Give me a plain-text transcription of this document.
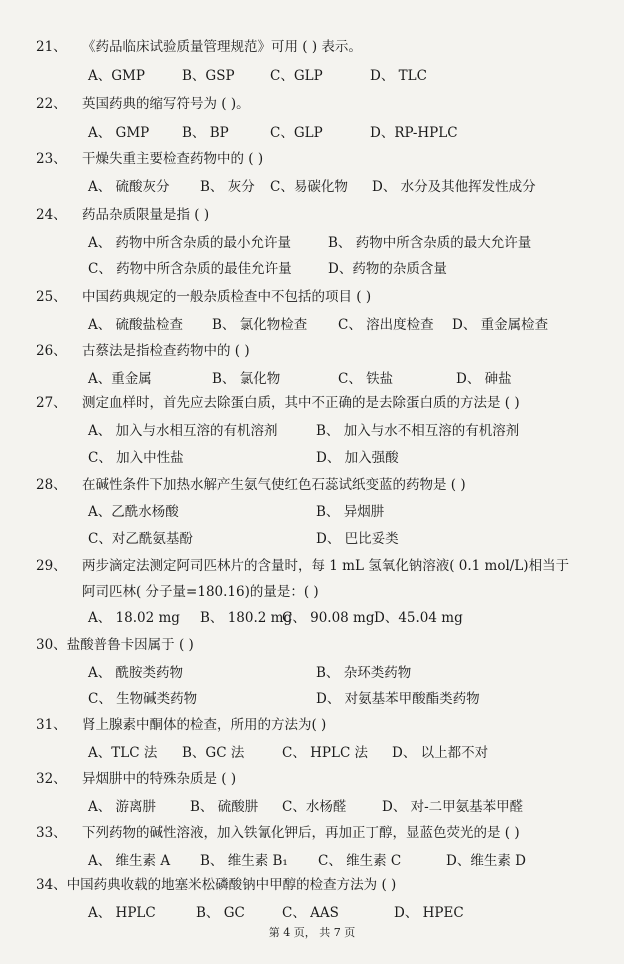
21、 《药品临床试验质量管理规范》可用 ( ) 表示。
A、GMP	B、GSP	C、GLP	D、 TLC
22、 英国药典的缩写符号为 ( )。
A、 GMP B、 BP	C、GLP	D、RP-HPLC
23、 干燥失重主要检查药物中的 ( )
A、 硫酸灰分 B、 灰分 C、易碳化物 D、 水分及其他挥发性成分
24、 药品杂质限量是指 ( )
A、 药物中所含杂质的最小允许量	B、 药物中所含杂质的最大允许量
C、 药物中所含杂质的最佳允许量	D、药物的杂质含量
25、 中国药典规定的一般杂质检查中不包括的项目 ( )
A、 硫酸盐检查 B、 氯化物检查 C、 溶出度检查 D、 重金属检查
26、 古蔡法是指检查药物中的 ( )
A、重金属	B、 氯化物	C、 铁盐	D、 砷盐
27、 测定血样时，首先应去除蛋白质，其中不正确的是去除蛋白质的方法是 ( )
A、 加入与水相互溶的有机溶剂	B、 加入与水不相互溶的有机溶剂
C、 加入中性盐	D、 加入强酸
28、 在碱性条件下加热水解产生氨气使红色石蕊试纸变蓝的药物是 ( )
A、乙酰水杨酸	B、 异烟肼
C、对乙酰氨基酚	D、 巴比妥类
29、 两步滴定法测定阿司匹林片的含量时，每 1 mL 氢氧化钠溶液( 0.1 mol/L)相当于
阿司匹林( 分子量=180.16)的量是：( )
A、 18.02 mg B、 180.2 mg
C、 90.08 mg D、45.04 mg
30、盐酸普鲁卡因属于 ( )
A、 酰胺类药物	B、 杂环类药物
C、 生物碱类药物	D、 对氨基苯甲酸酯类药物
31、 肾上腺素中酮体的检查，所用的方法为( )
A、TLC 法 B、GC 法	C、 HPLC 法 D、 以上都不对
32、 异烟肼中的特殊杂质是 ( )
A、 游离肼	B、 硫酸肼 C、水杨醛	D、 对-二甲氨基苯甲醛
33、 下列药物的碱性溶液，加入铁氰化钾后，再加正丁醇，显蓝色荧光的是 ( )
A、 维生素 A B、 维生素 B₁ C、 维生素 C	D、维生素 D
34、中国药典收载的地塞米松磷酸钠中甲醇的检查方法为 ( )
A、 HPLC	B、 GC	C、 AAS	D、 HPEC
第 4 页， 共 7 页
